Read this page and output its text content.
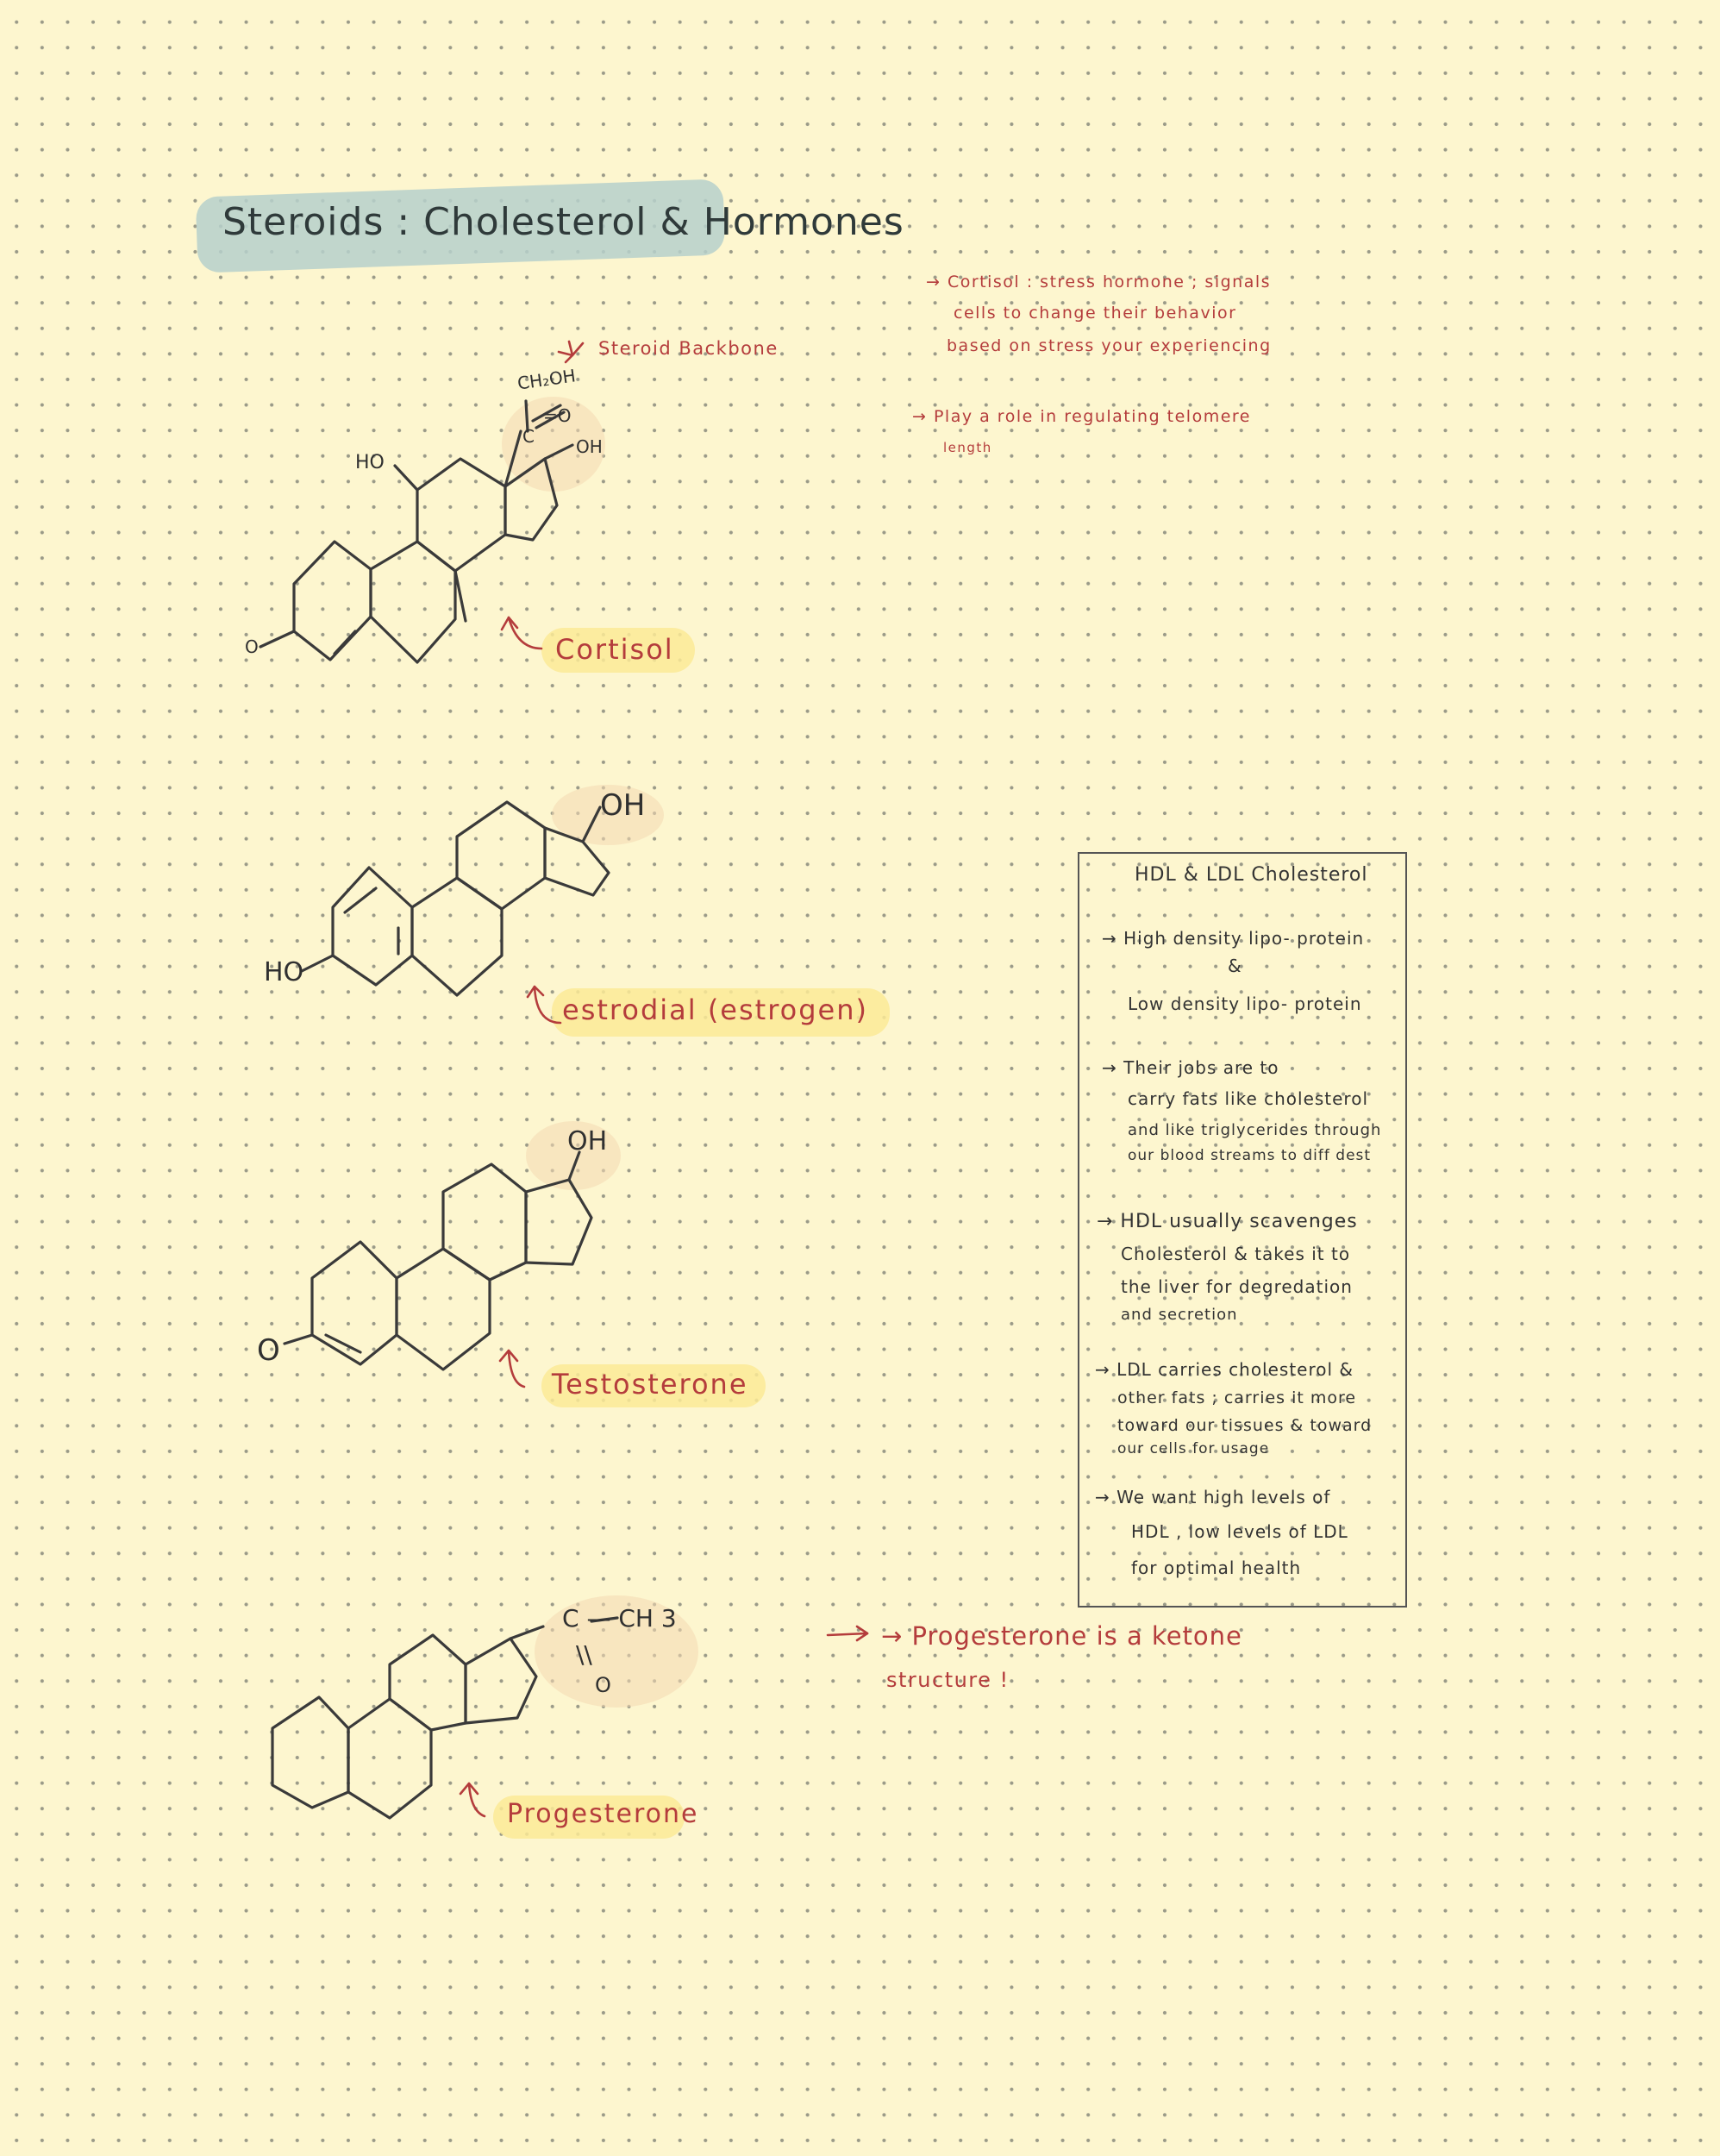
Steroids : Cholesterol & Hormones
→ Cortisol : stress hormone ; signals
cells to change their behavior
based on stress your experiencing
→ Play a role in regulating telomere
length
CH₂OH
C
=O
OH
HO
O
Steroid Backbone
Cortisol
OH
HO
estrodial (estrogen)
OH
O
Testosterone
C — CH 3
\\
O
Progesterone
→ Progesterone is a ketone
structure !
HDL & LDL Cholesterol
→ High density lipo- protein
&
Low density lipo- protein
→ Their jobs are to
carry fats like cholesterol
and like triglycerides through
our blood streams to diff dest
→ HDL usually scavenges
Cholesterol & takes it to
the liver for degredation
and secretion
→ LDL carries cholesterol &
other fats ; carries it more
toward our tissues & toward
our cells for usage
→ We want high levels of
HDL , low levels of LDL
for optimal health
